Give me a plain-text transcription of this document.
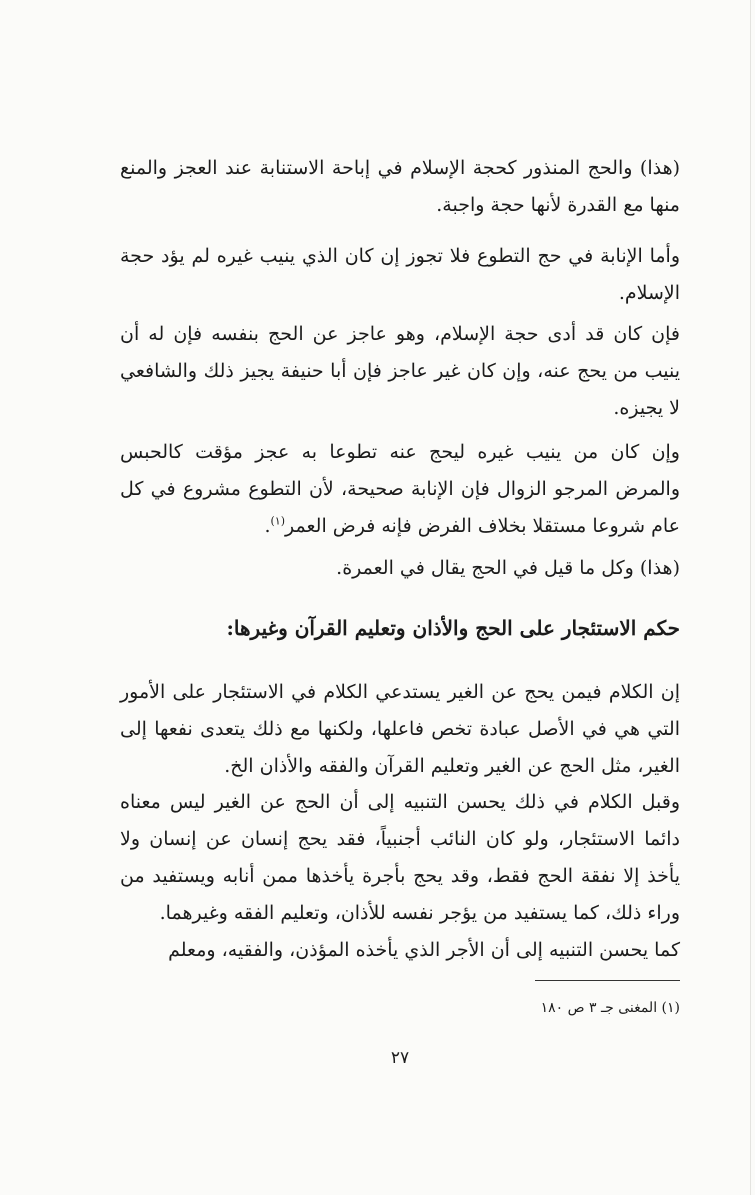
(هذا) والحج المنذور كحجة الإسلام في إباحة الاستنابة عند العجز والمنع منها مع القدرة لأنها حجة واجبة.

وأما الإنابة في حج التطوع فلا تجوز إن كان الذي ينيب غيره لم يؤد حجة الإسلام.

فإن كان قد أدى حجة الإسلام، وهو عاجز عن الحج بنفسه فإن له أن ينيب من يحج عنه، وإن كان غير عاجز فإن أبا حنيفة يجيز ذلك والشافعي لا يجيزه.

وإن كان من ينيب غيره ليحج عنه تطوعا به عجز مؤقت كالحبس والمرض المرجو الزوال فإن الإنابة صحيحة، لأن التطوع مشروع في كل عام شروعا مستقلا بخلاف الفرض فإنه فرض العمر$^{(١)}$.

(هذا) وكل ما قيل في الحج يقال في العمرة.

حكم الاستئجار على الحج والأذان وتعليم القرآن وغيرها:

إن الكلام فيمن يحج عن الغير يستدعي الكلام في الاستئجار على الأمور التي هي في الأصل عبادة تخص فاعلها، ولكنها مع ذلك يتعدى نفعها إلى الغير، مثل الحج عن الغير وتعليم القرآن والفقه والأذان الخ.

وقبل الكلام في ذلك يحسن التنبيه إلى أن الحج عن الغير ليس معناه دائما الاستئجار، ولو كان النائب أجنبياً، فقد يحج إنسان عن إنسان ولا يأخذ إلا نفقة الحج فقط، وقد يحج بأجرة يأخذها ممن أنابه ويستفيد من وراء ذلك، كما يستفيد من يؤجر نفسه للأذان، وتعليم الفقه وغيرهما.

كما يحسن التنبيه إلى أن الأجر الذي يأخذه المؤذن، والفقيه، ومعلم

(١) المغنى جـ ٣ ص ١٨٠

٢٧
